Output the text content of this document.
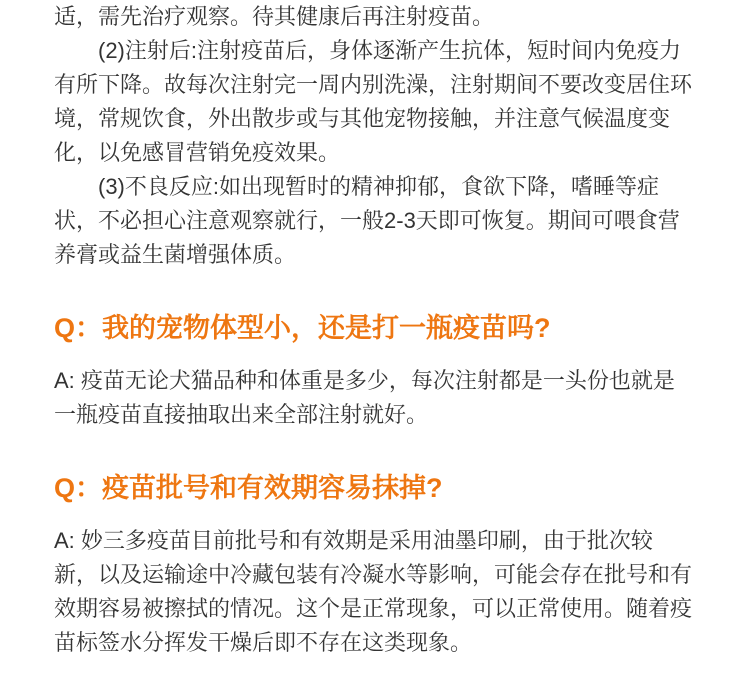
适，需先治疗观察。待其健康后再注射疫苗。

(2)注射后:注射疫苗后，身体逐渐产生抗体，短时间内免疫力有所下降。故每次注射完一周内别洗澡，注射期间不要改变居住环境，常规饮食，外出散步或与其他宠物接触，并注意气候温度变化，以免感冒营销免疫效果。

(3)不良反应:如出现暂时的精神抑郁，食欲下降，嗜睡等症状，不必担心注意观察就行，一般2-3天即可恢复。期间可喂食营养膏或益生菌增强体质。

Q：我的宠物体型小，还是打一瓶疫苗吗?

A: 疫苗无论犬猫品种和体重是多少，每次注射都是一头份也就是一瓶疫苗直接抽取出来全部注射就好。

Q：疫苗批号和有效期容易抹掉?

A: 妙三多疫苗目前批号和有效期是采用油墨印刷，由于批次较新，以及运输途中冷藏包装有冷凝水等影响，可能会存在批号和有效期容易被擦拭的情况。这个是正常现象，可以正常使用。随着疫苗标签水分挥发干燥后即不存在这类现象。
